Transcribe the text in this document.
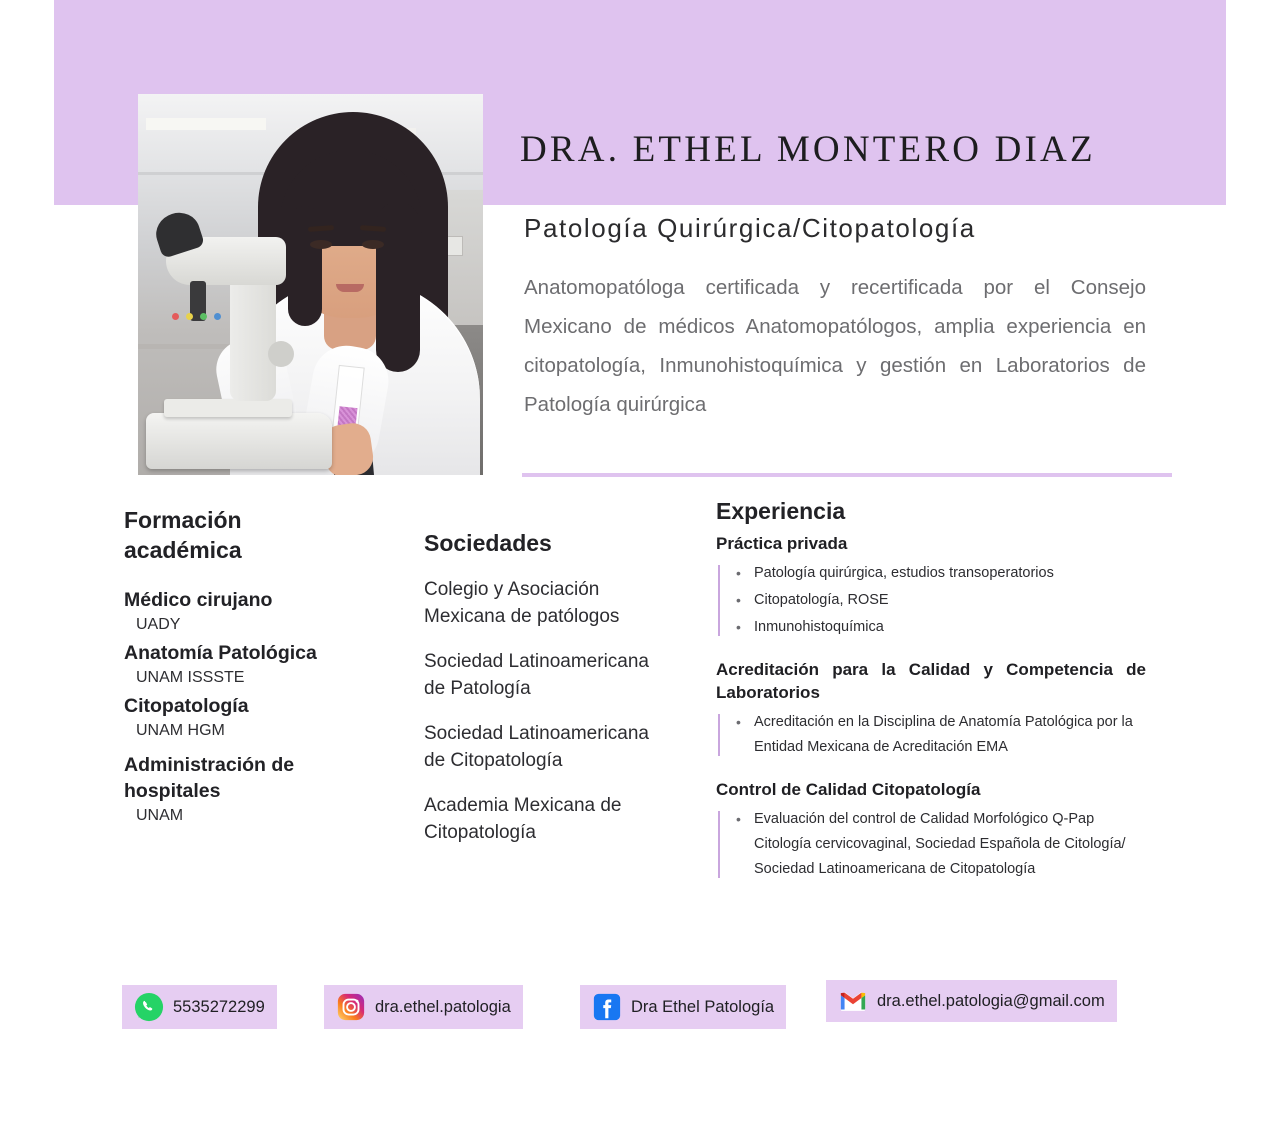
DRA. ETHEL MONTERO DIAZ
Patología Quirúrgica/Citopatología
Anatomopatóloga certificada y recertificada por el Consejo Mexicano de médicos Anatomopatólogos, amplia experiencia en citopatología, Inmunohistoquímica y gestión en Laboratorios de Patología quirúrgica
Formación
académica
Médico cirujano
UADY
Anatomía Patológica
UNAM ISSSTE
Citopatología
UNAM HGM
Administración de hospitales
UNAM
Sociedades
Colegio y Asociación Mexicana de patólogos
Sociedad Latinoamericana de Patología
Sociedad Latinoamericana de Citopatología
Academia Mexicana de Citopatología
Experiencia
Práctica privada
• Patología quirúrgica, estudios transoperatorios
• Citopatología, ROSE
• Inmunohistoquímica
Acreditación para la Calidad y Competencia de Laboratorios
• Acreditación en la Disciplina de Anatomía Patológica por la Entidad Mexicana de Acreditación EMA
Control de Calidad Citopatología
• Evaluación del control de Calidad Morfológico Q-Pap Citología cervicovaginal, Sociedad Española de Citología/ Sociedad Latinoamericana de Citopatología
5535272299	dra.ethel.patologia	Dra Ethel Patología	dra.ethel.patologia@gmail.com
